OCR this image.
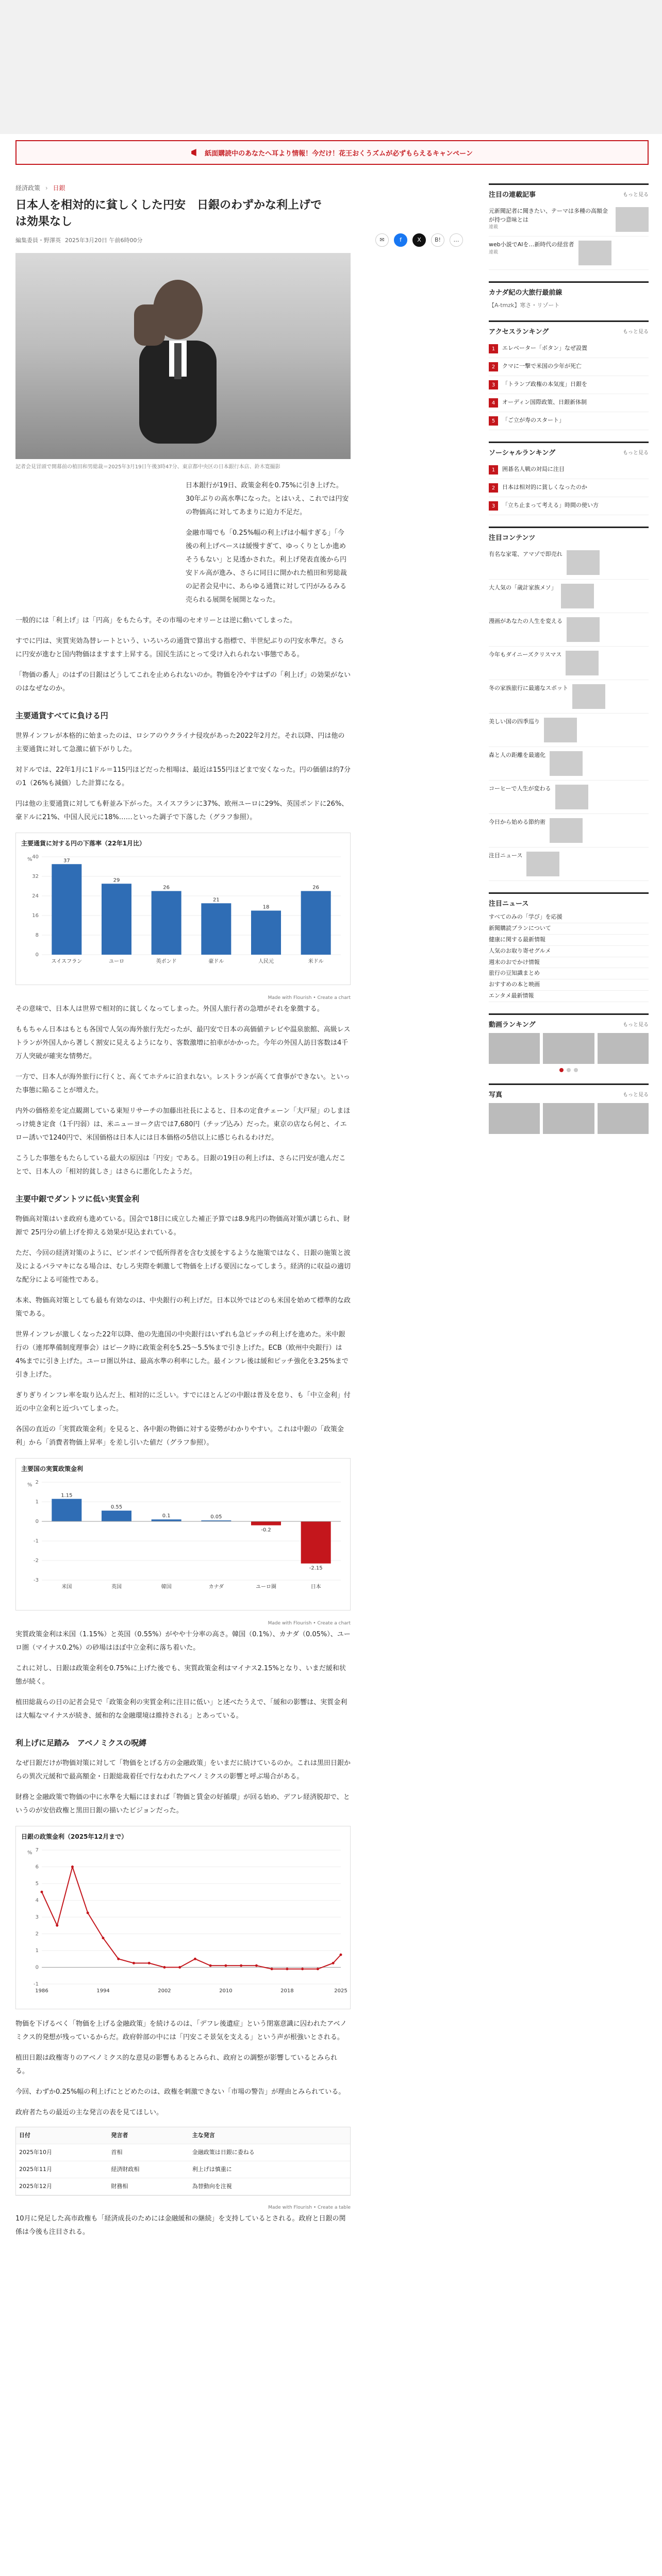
紙面購読中のあなたへ耳より情報！今だけ！花王おくうズムが必ずもらえるキャンペーン
経済政策 › 日銀
日本人を相対的に貧しくした円安　日銀のわずかな利上げでは効果なし
編集委員・野澤英 2025年3月20日 午前6時00分	✉	f	X	B!	…
記者会見冒頭で開幕前の植田和男総裁＝2025年3月19日午後3時47分、東京都中央区の日本銀行本店、鈴木寛撮影

日本銀行が19日、政策金利を0.75%に引き上げた。30年ぶりの高水準になった。とはいえ、これでは円安の物価高に対してあまりに迫力不足だ。

金融市場でも「0.25%幅の利上げは小幅すぎる」「今後の利上げペースは緩慢すぎて、ゆっくりとしか進めそうもない」と見透かされた。利上げ発表直後から円安ドル高が進み、さらに同日に開かれた植田和男総裁の記者会見中に、あらゆる通貨に対して円がみるみる売られる展開を展開となった。

一般的には「利上げ」は「円高」をもたらす。その市場のセオリーとは逆に動いてしまった。

すでに円は、実質実効為替レートという、いろいろの通貨で算出する指標で、半世紀ぶりの円安水準だ。さらに円安が進むと国内物価はますます上昇する。国民生活にとって受け入れられない事態である。

「物価の番人」のはずの日銀はどうしてこれを止められないのか。物価を冷やすはずの「利上げ」の効果がないのはなぜなのか。

主要通貨すべてに負ける円

世界インフレが本格的に始まったのは、ロシアのウクライナ侵攻があった2022年2月だ。それ以降、円は他の主要通貨に対して急激に値下がりした。

対ドルでは、22年1月に1ドル＝115円ほどだった相場は、最近は155円ほどまで安くなった。円の価値は約7分の1（26%も減価）した計算になる。

円は他の主要通貨に対しても軒並み下がった。スイスフランに37%、欧州ユーロに29%、英国ポンドに26%、豪ドルに21%、中国人民元に18%……といった調子で下落した（グラフ参照）。

主要通貨に対する円の下落率（22年1月比）
0
8
16
24
32
40
37
スイスフラン
29
ユーロ
26
英ポンド
21
豪ドル
18
人民元
26
米ドル
%
Made with Flourish • Create a chart

その意味で、日本人は世界で相対的に貧しくなってしまった。外国人旅行者の急増がそれを象徴する。

ももちゃん日本はもとも各国で人気の海外旅行先だったが、最円安で日本の高価値テレビや温泉旅館、高級レストランが外国人から著しく割安に見えるようになり、客数激増に拍車がかかった。今年の外国人訪日客数は4千万人突破が確実な情勢だ。

一方で、日本人が海外旅行に行くと、高くてホテルに泊まれない。レストランが高くて食事ができない。といった事態に陥ることが増えた。

内外の価格差を定点観測している東短リサーチの加藤出社長によると、日本の定食チェーン「大戸屋」のしまほっけ焼き定食（1千円弱）は、米ニューヨーク店では7,680円（チップ込み）だった。東京の店なら何と、イエロー誘いで1240円で、米国価格は日本人には日本価格の5倍以上に感じられるわけだ。

こうした事態をもたらしている最大の原因は「円安」である。日銀の19日の利上げは、さらに円安が進んだことで、日本人の「相対的貧しさ」はさらに悪化したようだ。

主要中銀でダントツに低い実質金利

物価高対策はいま政府も進めている。国会で18日に成立した補正予算では8.9兆円の物価高対策が講じられ、財源で 25円分の値上げを抑える効果が見込まれている。

ただ、今回の経済対策のように、ビンボインで低所得者を含む支援をするような施策ではなく、日銀の施策と波及によるバラマキになる場合は、むしろ実際を刺激して物価を上げる要因になってしまう。経済的に収益の適切な配分による可能性である。

本来、物価高対策としても最も有効なのは、中央銀行の利上げだ。日本以外ではどのも米国を始めて標準的な政策である。

世界インフレが激しくなった22年以降、他の先進国の中央銀行はいずれも急ピッチの利上げを進めた。米中銀行の（連邦準備制度理事会）はピーク時に政策金利を5.25～5.5%まで引き上げた。ECB（欧州中央銀行）は4%までに引き上げた。ユーロ圏以外は、最高水準の利率にした。最インフレ後は緩和ピッチ強化を3.25%まで引き上げた。

ぎりぎりインフレ率を取り込んだ上、相対的に乏しい。すでにほとんどの中銀は普及を怠り、も「中立金利」付近の中立金利と近づいてしまった。

各国の直近の「実質政策金利」を見ると、各中銀の物価に対する姿勢がわかりやすい。これは中銀の「政策金利」から「消費者物価上昇率」を差し引いた値だ（グラフ参照）。

主要国の実質政策金利
-3
-2
-1
0
1
2
1.15
米国
0.55
英国
0.1
韓国
0.05
カナダ
-0.2
ユーロ圏
-2.15
日本
%
Made with Flourish • Create a chart

実質政策金利は米国（1.15%）と英国（0.55%）がやや十分率の高さ。韓国（0.1%）、カナダ（0.05%）、ユーロ圏（マイナス0.2%）の砂場はほぼ中立金利に落ち着いた。

これに対し、日銀は政策金利を0.75%に上げた後でも、実質政策金利はマイナス2.15%となり、いまだ緩和状態が続く。

植田総裁らの日の記者会見で「政策金利の実質金利に注目に低い」と述べたうえで、「緩和の影響は、実質金利は大幅なマイナスが続き、緩和的な金融環境は維持される」とあっている。

利上げに足踏み　アベノミクスの呪縛

なぜ日銀だけが物価対策に対して「物価をとげる方の金融政策」をいまだに続けているのか。これは黒田日銀からの異次元緩和で最高額金・日銀総裁着任で行なわれたアベノミクスの影響と呼ぶ場合がある。

財務と金融政策で物価の中に水準を大幅にほまれば「物価と賃金の好循環」が回る始め、デフレ経済脱却で、というのが安倍政権と黒田日銀の描いたビジョンだった。

日銀の政策金利（2025年12月まで）
-1
0
1
2
3
4
5
6
7
1986	1994	2002	2010	2018	2025
%

物価を下げるべく「物価を上げる金融政策」を続けるのは、「デフレ後遺症」という閉塞意識に囚われたアベノミクス的発想が残っているからだ。政府幹部の中には「円安こそ景気を支える」という声が根強いとされる。

植田日銀は政権寄りのアベノミクス的な意見の影響もあるとみられ、政府との調整が影響しているとみられる。

今回、わずか0.25%幅の利上げにとどめたのは、政権を刺激できない「市場の警告」が理由とみられている。

政府者たちの最近の主な発言の表を見てほしい。

日付	発言者	主な発言
2025年10月	首相	金融政策は日銀に委ねる
2025年11月	経済財政相	利上げは慎重に
2025年12月	財務相	為替動向を注視
Made with Flourish • Create a table

10月に発足した高市政権も「経済成長のためには金融緩和の継続」を支持しているとされる。政府と日銀の関係は今後も注目される。

注目の連載記事	もっと見る
元新聞記者に聞きたい、テーマは多種の高額金が持つ意味とは
連載
web小説でAIを…新時代の経営者
連載
カナダ紀の大旅行最前線
【A-tmzk】寒さ・リゾート
アクセスランキング	もっと見る
1	エレベーター「ボタン」なぜ設置
2	クマに一撃で米国の少年が死亡
3	「トランプ政権の本気度」日銀を
4	オーディン国際政策、日銀新体制
5	「ご立が寿のスタート」
ソーシャルランキング	もっと見る
1	囲碁名人戦の対局に注目
2	日本は相対的に貧しくなったのか
3	「立ち止まって考える」時間の使い方
注目コンテンツ
有名な家電、アマゾで即売れ
大人気の「歳計家族メソ」
漫画があなたの人生を変える
今年もダイニーズクリスマス
冬の家族旅行に最適なスポット
美しい国の四季巡り
森と人の距離を最適化
コーヒーで人生が変わる
今日から始める節約術
注目ニュース
注目ニュース
すべてのみの「学び」を応援
新聞購読プランについて
健康に関する最新情報
人気のお取り寄せグルメ
週末のおでかけ情報
旅行の豆知識まとめ
おすすめの本と映画
エンタメ最新情報
動画ランキング	もっと見る
写真	もっと見る
